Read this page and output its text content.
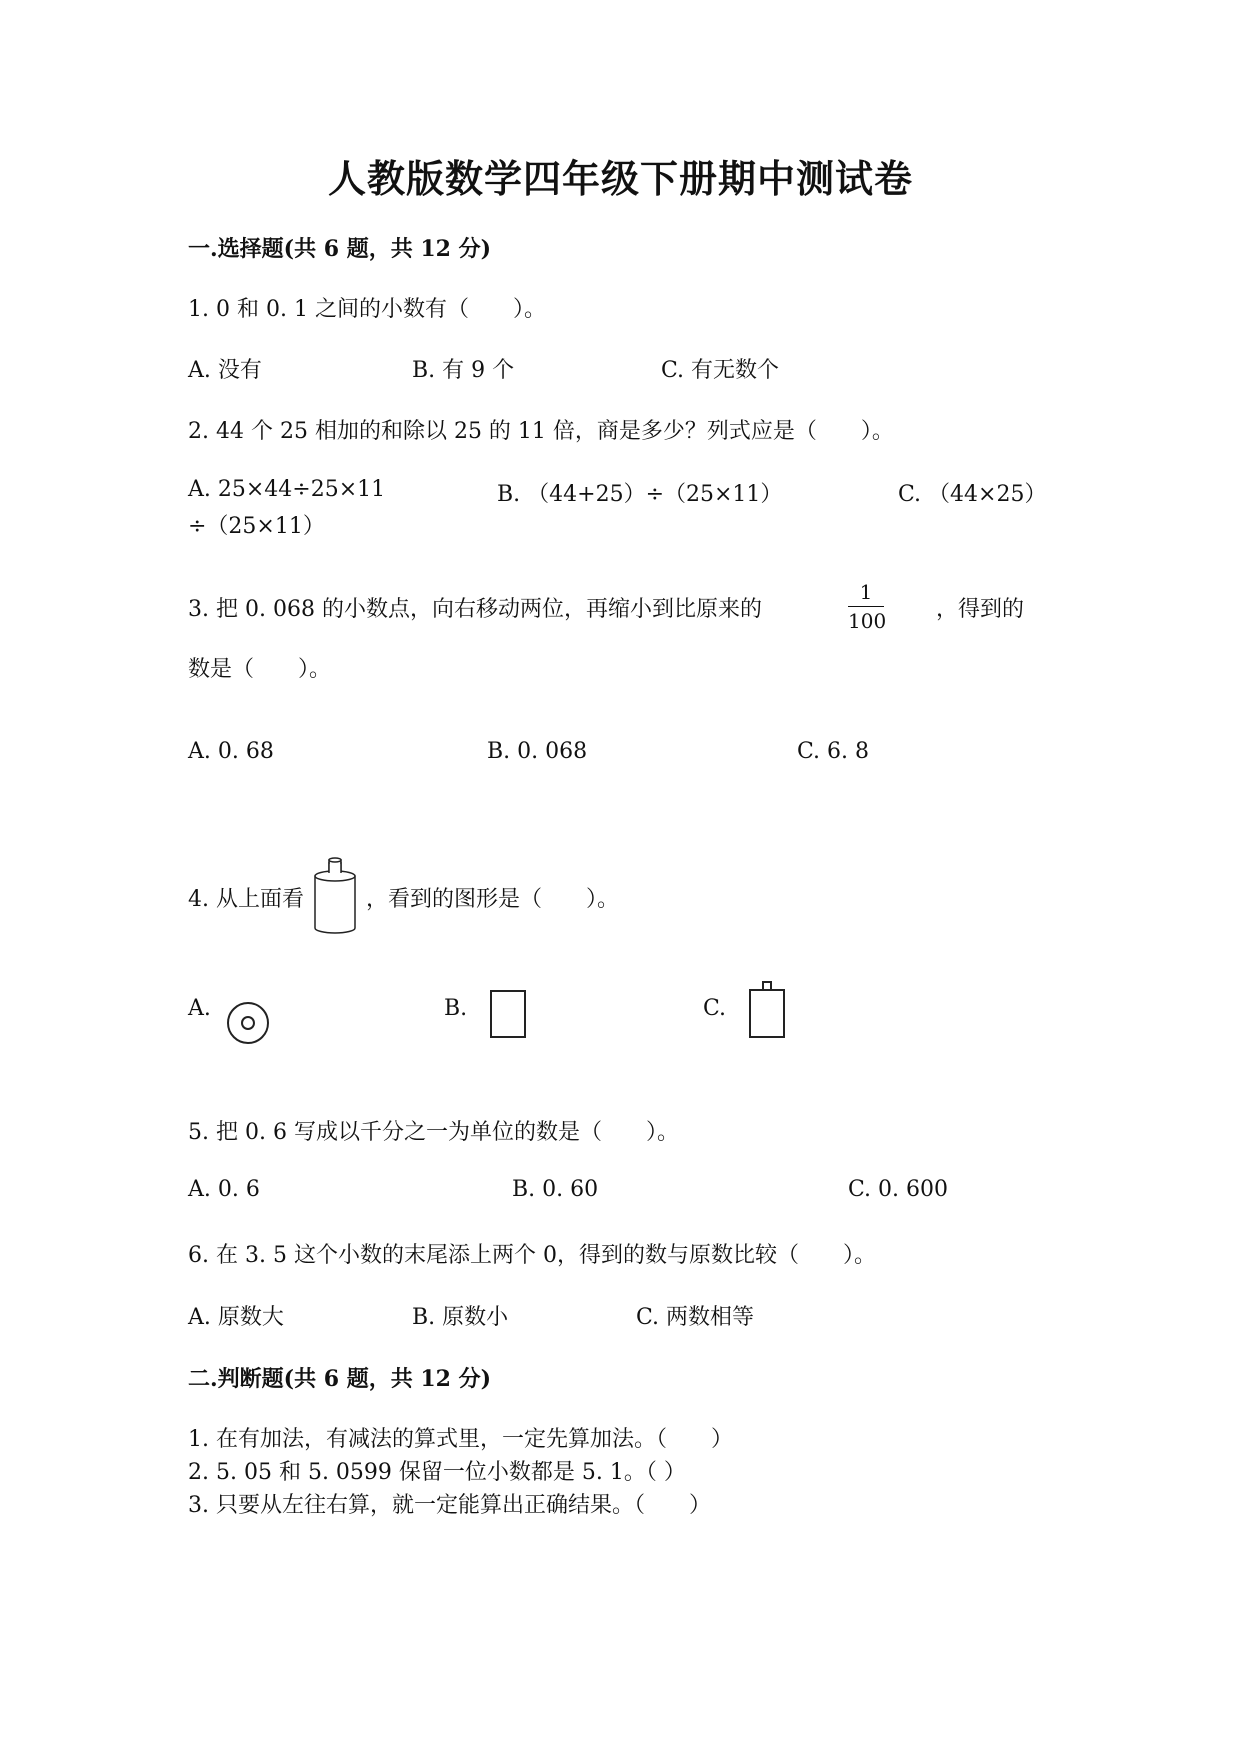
人教版数学四年级下册期中测试卷
一.选择题(共 6 题，共 12 分)
1. 0 和 0. 1 之间的小数有（　　）。
A. 没有	B. 有 9 个	C. 有无数个
2. 44 个 25 相加的和除以 25 的 11 倍，商是多少？列式应是（　　）。
A. 25×44÷25×11	B. （44+25）÷（25×11）	C. （44×25）
÷（25×11）
3. 把 0. 068 的小数点，向右移动两位，再缩小到比原来的
1
100 ，得到的
数是（　　）。
A. 0. 68	B. 0. 068	C. 6. 8
4. 从上面看	，看到的图形是（　　）。
A.	B.	C.
5. 把 0. 6 写成以千分之一为单位的数是（　　）。
A. 0. 6	B. 0. 60	C. 0. 600
6. 在 3. 5 这个小数的末尾添上两个 0，得到的数与原数比较（　　）。
A. 原数大	B. 原数小	C. 两数相等
二.判断题(共 6 题，共 12 分)
1. 在有加法，有减法的算式里，一定先算加法。（　　）
2. 5. 05 和 5. 0599 保留一位小数都是 5. 1。（ ）
3. 只要从左往右算，就一定能算出正确结果。（　　）
